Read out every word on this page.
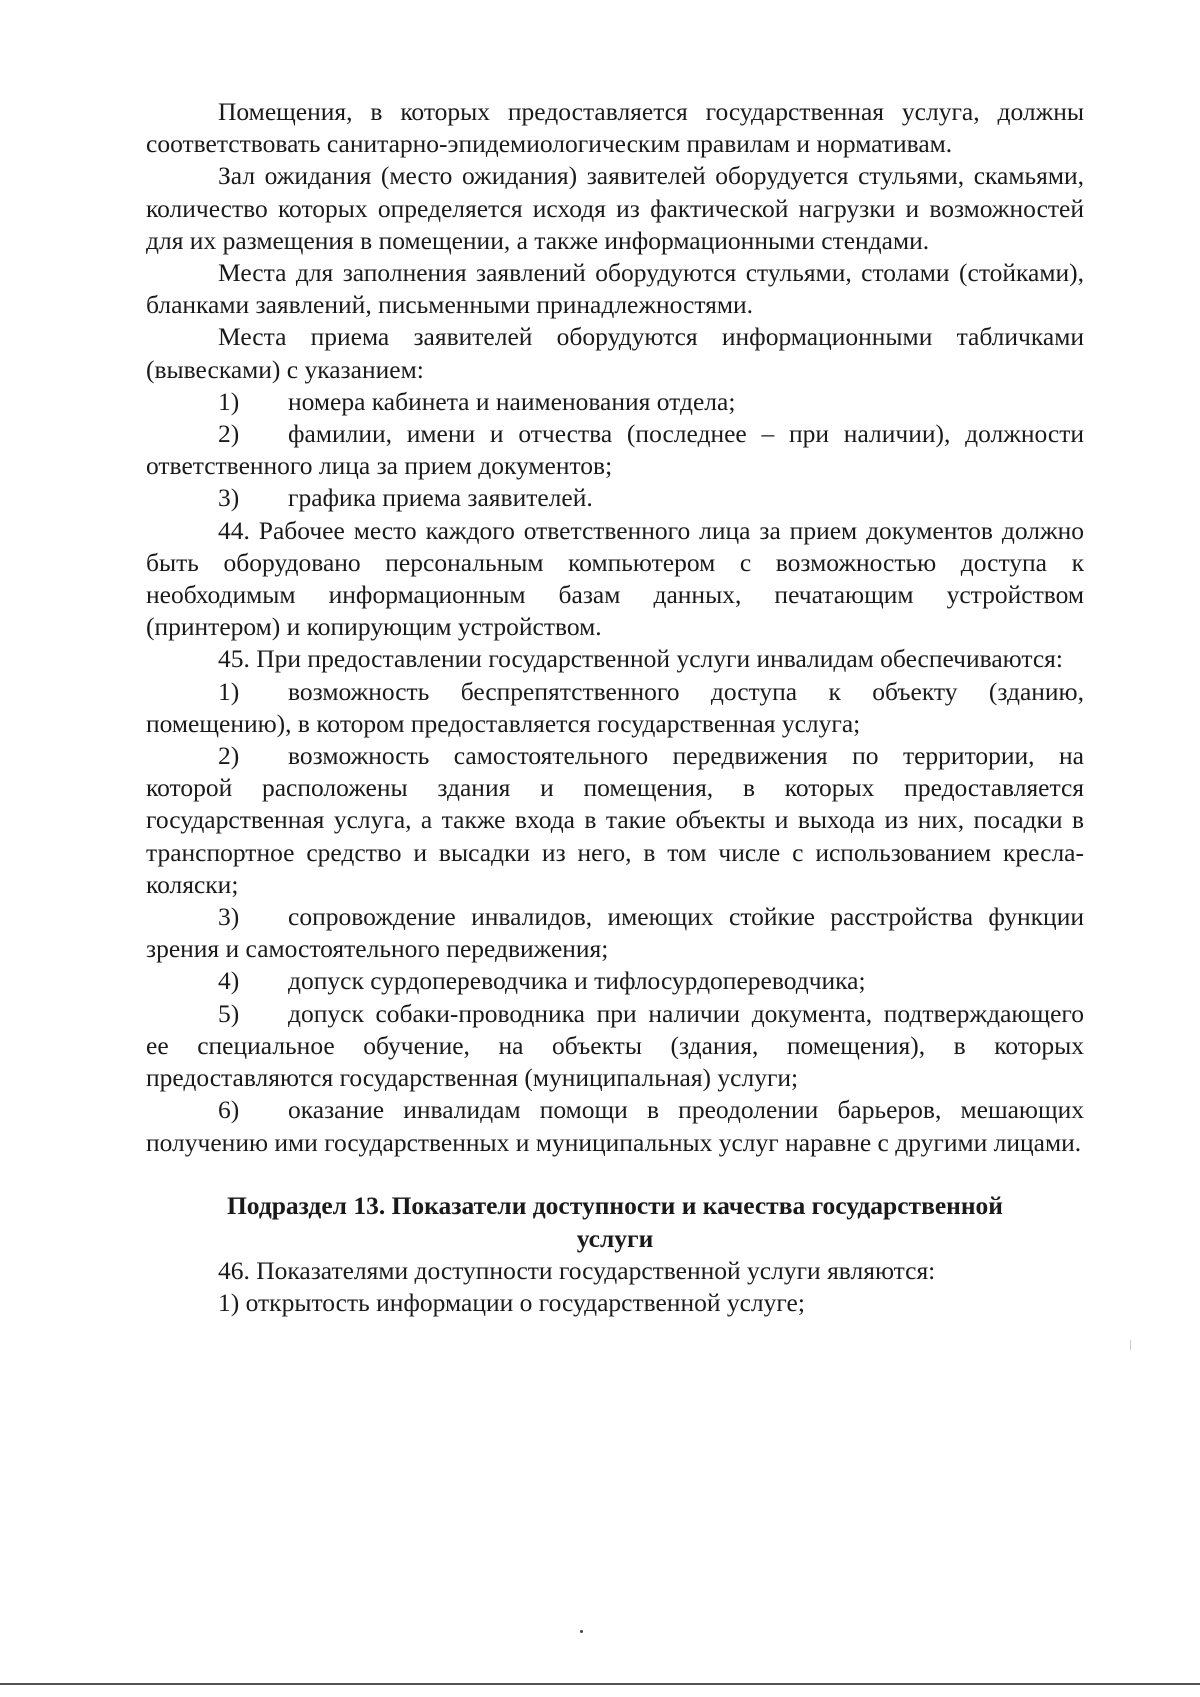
Помещения, в которых предоставляется государственная услуга, должны соответствовать санитарно-эпидемиологическим правилам и нормативам.

Зал ожидания (место ожидания) заявителей оборудуется стульями, скамьями, количество которых определяется исходя из фактической нагрузки и возможностей для их размещения в помещении, а также информационными стендами.

Места для заполнения заявлений оборудуются стульями, столами (стойками), бланками заявлений, письменными принадлежностями.

Места приема заявителей оборудуются информационными табличками (вывесками) с указанием:

1) номера кабинета и наименования отдела;

2) фамилии, имени и отчества (последнее – при наличии), должности ответственного лица за прием документов;

3) графика приема заявителей.

44. Рабочее место каждого ответственного лица за прием документов должно быть оборудовано персональным компьютером с возможностью доступа к необходимым информационным базам данных, печатающим устройством (принтером) и копирующим устройством.

45. При предоставлении государственной услуги инвалидам обеспечиваются:

1) возможность беспрепятственного доступа к объекту (зданию, помещению), в котором предоставляется государственная услуга;

2) возможность самостоятельного передвижения по территории, на которой расположены здания и помещения, в которых предоставляется государственная услуга, а также входа в такие объекты и выхода из них, посадки в транспортное средство и высадки из него, в том числе с использованием кресла-коляски;

3) сопровождение инвалидов, имеющих стойкие расстройства функции зрения и самостоятельного передвижения;

4) допуск сурдопереводчика и тифлосурдопереводчика;

5) допуск собаки-проводника при наличии документа, подтверждающего ее специальное обучение, на объекты (здания, помещения), в которых предоставляются государственная (муниципальная) услуги;

6) оказание инвалидам помощи в преодолении барьеров, мешающих получению ими государственных и муниципальных услуг наравне с другими лицами.

Подраздел 13. Показатели доступности и качества государственной услуги

46. Показателями доступности государственной услуги являются:

1) открытость информации о государственной услуге;
